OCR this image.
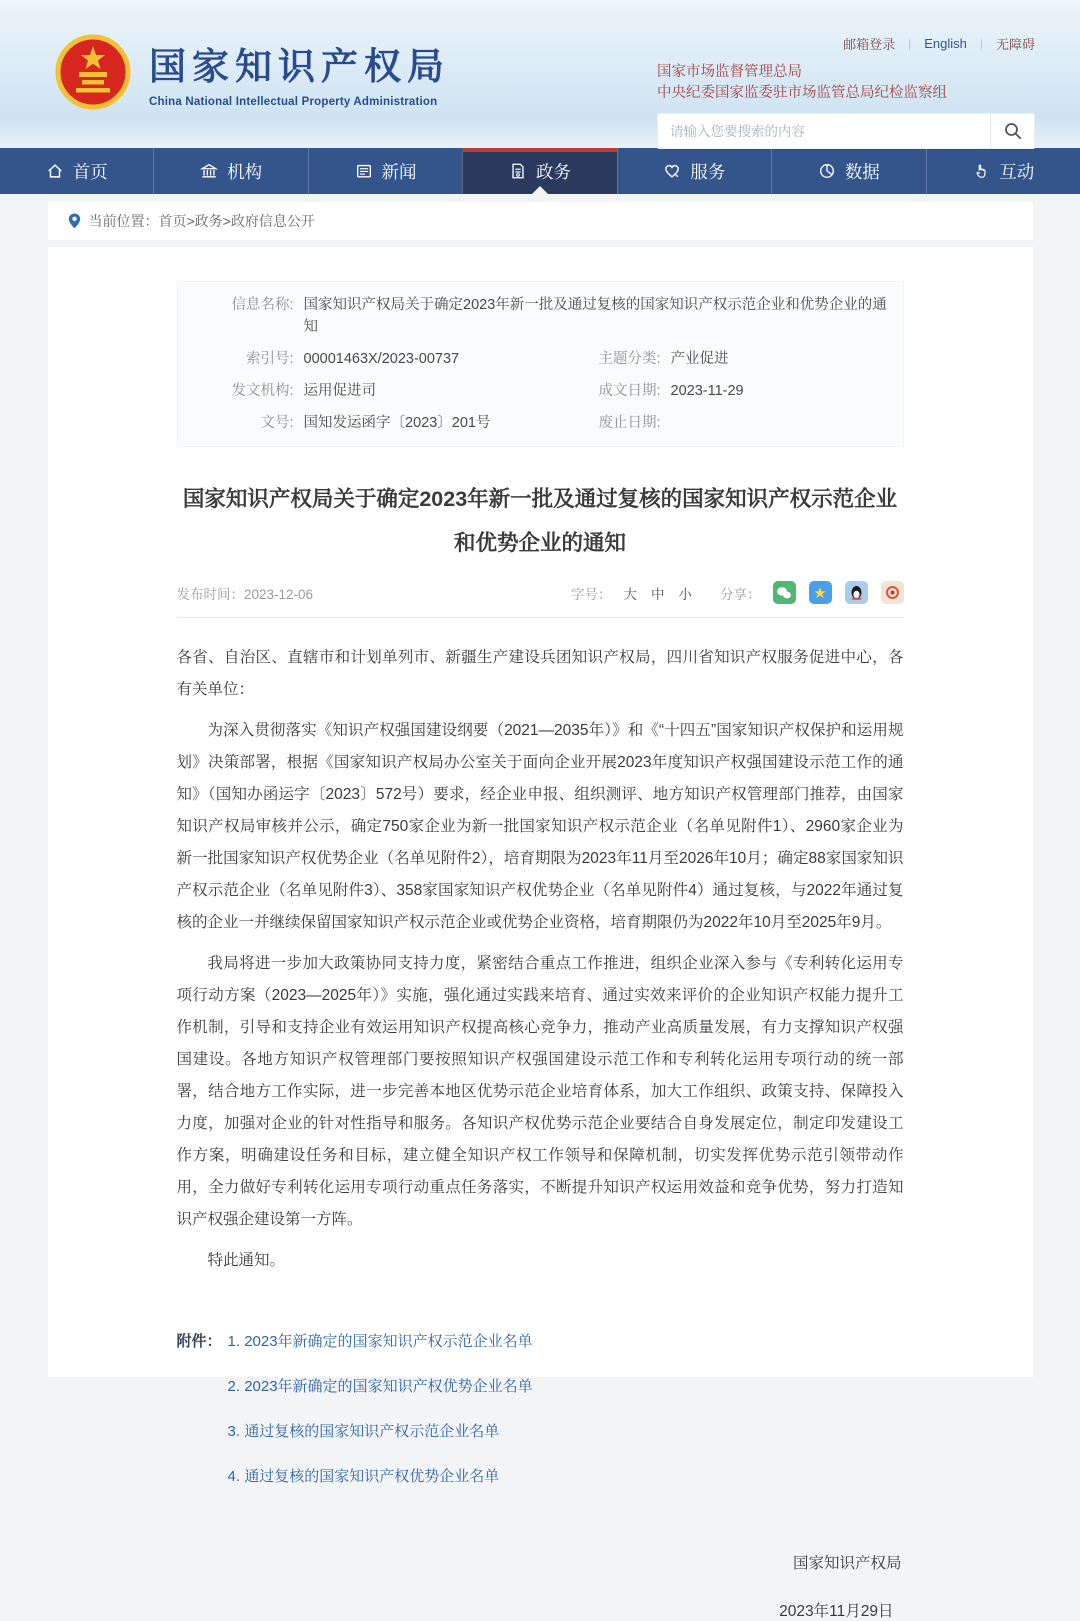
国家知识产权局
China National Intellectual Property Administration
邮箱登录 | English | 无障碍
国家市场监督管理总局
中央纪委国家监委驻市场监管总局纪检监察组
请输入您要搜索的内容
首页	机构	新闻	政务	服务	数据	互动
当前位置： 首页>政务>政府信息公开
信息名称: 国家知识产权局关于确定2023年新一批及通过复核的国家知识产权示范企业和优势企业的通知
索引号: 00001463X/2023-00737	主题分类: 产业促进
发文机构: 运用促进司	成文日期: 2023-11-29
文号: 国知发运函字〔2023〕201号	废止日期:
国家知识产权局关于确定2023年新一批及通过复核的国家知识产权示范企业
和优势企业的通知
发布时间：2023-12-06	字号： 大 中 小 分享：	★

各省、自治区、直辖市和计划单列市、新疆生产建设兵团知识产权局，四川省知识产权服务促进中心，各有关单位：

为深入贯彻落实《知识产权强国建设纲要（2021—2035年）》和《“十四五”国家知识产权保护和运用规划》决策部署，根据《国家知识产权局办公室关于面向企业开展2023年度知识产权强国建设示范工作的通知》（国知办函运字〔2023〕572号）要求，经企业申报、组织测评、地方知识产权管理部门推荐，由国家知识产权局审核并公示，确定750家企业为新一批国家知识产权示范企业（名单见附件1）、2960家企业为新一批国家知识产权优势企业（名单见附件2），培育期限为2023年11月至2026年10月；确定88家国家知识产权示范企业（名单见附件3）、358家国家知识产权优势企业（名单见附件4）通过复核，与2022年通过复核的企业一并继续保留国家知识产权示范企业或优势企业资格，培育期限仍为2022年10月至2025年9月。

我局将进一步加大政策协同支持力度，紧密结合重点工作推进，组织企业深入参与《专利转化运用专项行动方案（2023—2025年）》实施，强化通过实践来培育、通过实效来评价的企业知识产权能力提升工作机制，引导和支持企业有效运用知识产权提高核心竞争力，推动产业高质量发展，有力支撑知识产权强国建设。各地方知识产权管理部门要按照知识产权强国建设示范工作和专利转化运用专项行动的统一部署，结合地方工作实际，进一步完善本地区优势示范企业培育体系，加大工作组织、政策支持、保障投入力度，加强对企业的针对性指导和服务。各知识产权优势示范企业要结合自身发展定位，制定印发建设工作方案，明确建设任务和目标，建立健全知识产权工作领导和保障机制，切实发挥优势示范引领带动作用，全力做好专利转化运用专项行动重点任务落实，不断提升知识产权运用效益和竞争优势，努力打造知识产权强企建设第一方阵。

特此通知。

附件： 1. 2023年新确定的国家知识产权示范企业名单
2. 2023年新确定的国家知识产权优势企业名单
3. 通过复核的国家知识产权示范企业名单
4. 通过复核的国家知识产权优势企业名单
国家知识产权局
2023年11月29日
